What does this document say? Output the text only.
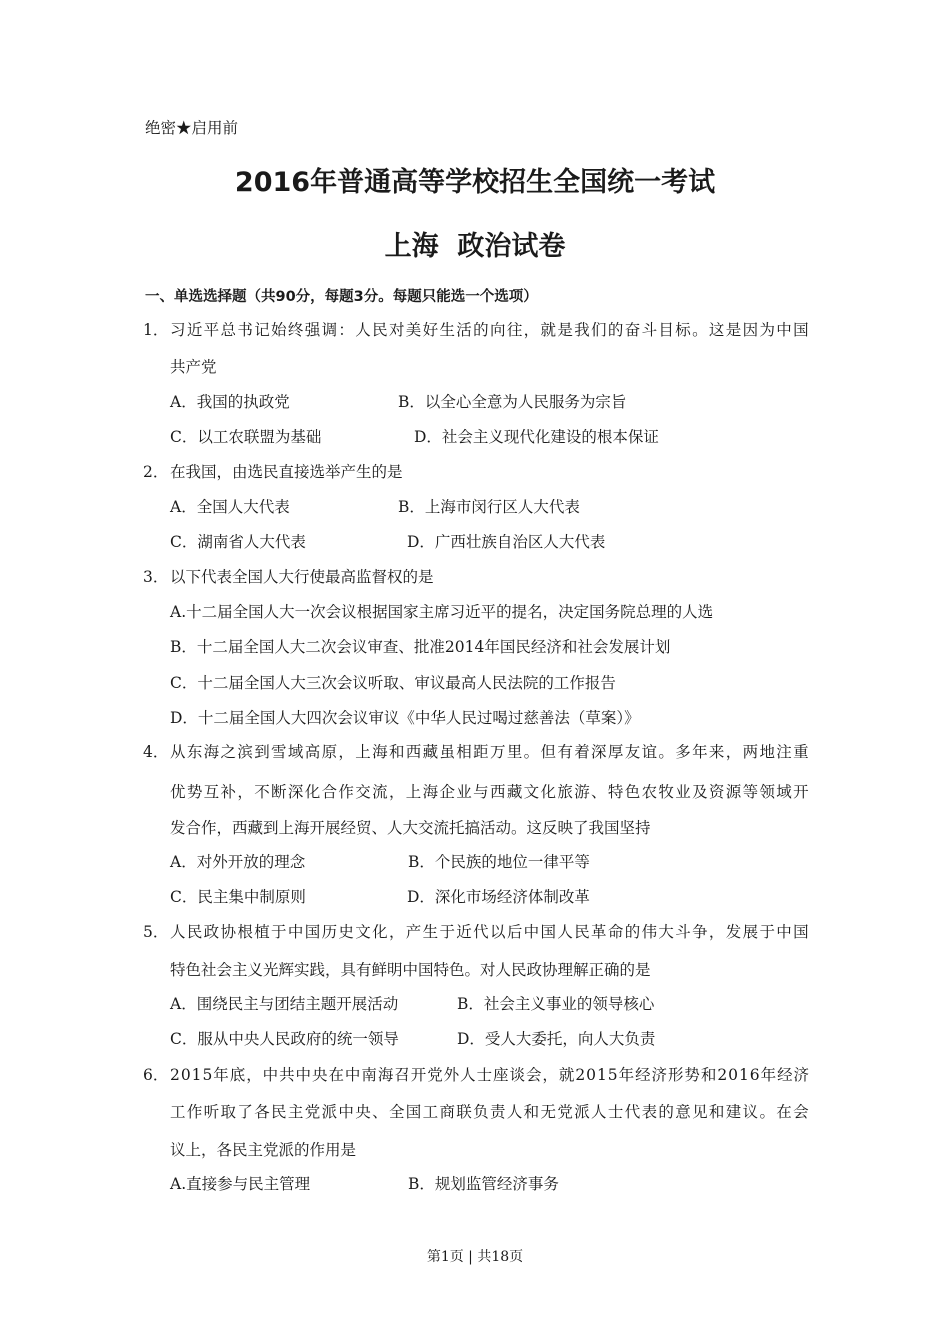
绝密★启用前
2016年普通高等学校招生全国统一考试
上海  政治试卷
一、单选选择题（共90分，每题3分。每题只能选一个选项）
1． 习近平总书记始终强调：人民对美好生活的向往，就是我们的奋斗目标。这是因为中国
共产党
A．我国的执政党	B．以全心全意为人民服务为宗旨
C．以工农联盟为基础	D．社会主义现代化建设的根本保证
2． 在我国，由选民直接选举产生的是
A．全国人大代表	B．上海市闵行区人大代表
C．湖南省人大代表	D．广西壮族自治区人大代表
3． 以下代表全国人大行使最高监督权的是
A.十二届全国人大一次会议根据国家主席习近平的提名，决定国务院总理的人选
B．十二届全国人大二次会议审查、批准2014年国民经济和社会发展计划
C．十二届全国人大三次会议听取、审议最高人民法院的工作报告
D．十二届全国人大四次会议审议《中华人民过喝过慈善法（草案）》
4． 从东海之滨到雪域高原，上海和西藏虽相距万里。但有着深厚友谊。多年来，两地注重
优势互补，不断深化合作交流，上海企业与西藏文化旅游、特色农牧业及资源等领域开
发合作，西藏到上海开展经贸、人大交流托搞活动。这反映了我国坚持
A．对外开放的理念	B．个民族的地位一律平等
C．民主集中制原则	D．深化市场经济体制改革
5． 人民政协根植于中国历史文化，产生于近代以后中国人民革命的伟大斗争，发展于中国
特色社会主义光辉实践，具有鲜明中国特色。对人民政协理解正确的是
A．围绕民主与团结主题开展活动	B．社会主义事业的领导核心
C．服从中央人民政府的统一领导	D．受人大委托，向人大负责
6． 2015年底，中共中央在中南海召开党外人士座谈会，就2015年经济形势和2016年经济
工作听取了各民主党派中央、全国工商联负责人和无党派人士代表的意见和建议。在会
议上，各民主党派的作用是
A.直接参与民主管理	B．规划监管经济事务
第1页 | 共18页
